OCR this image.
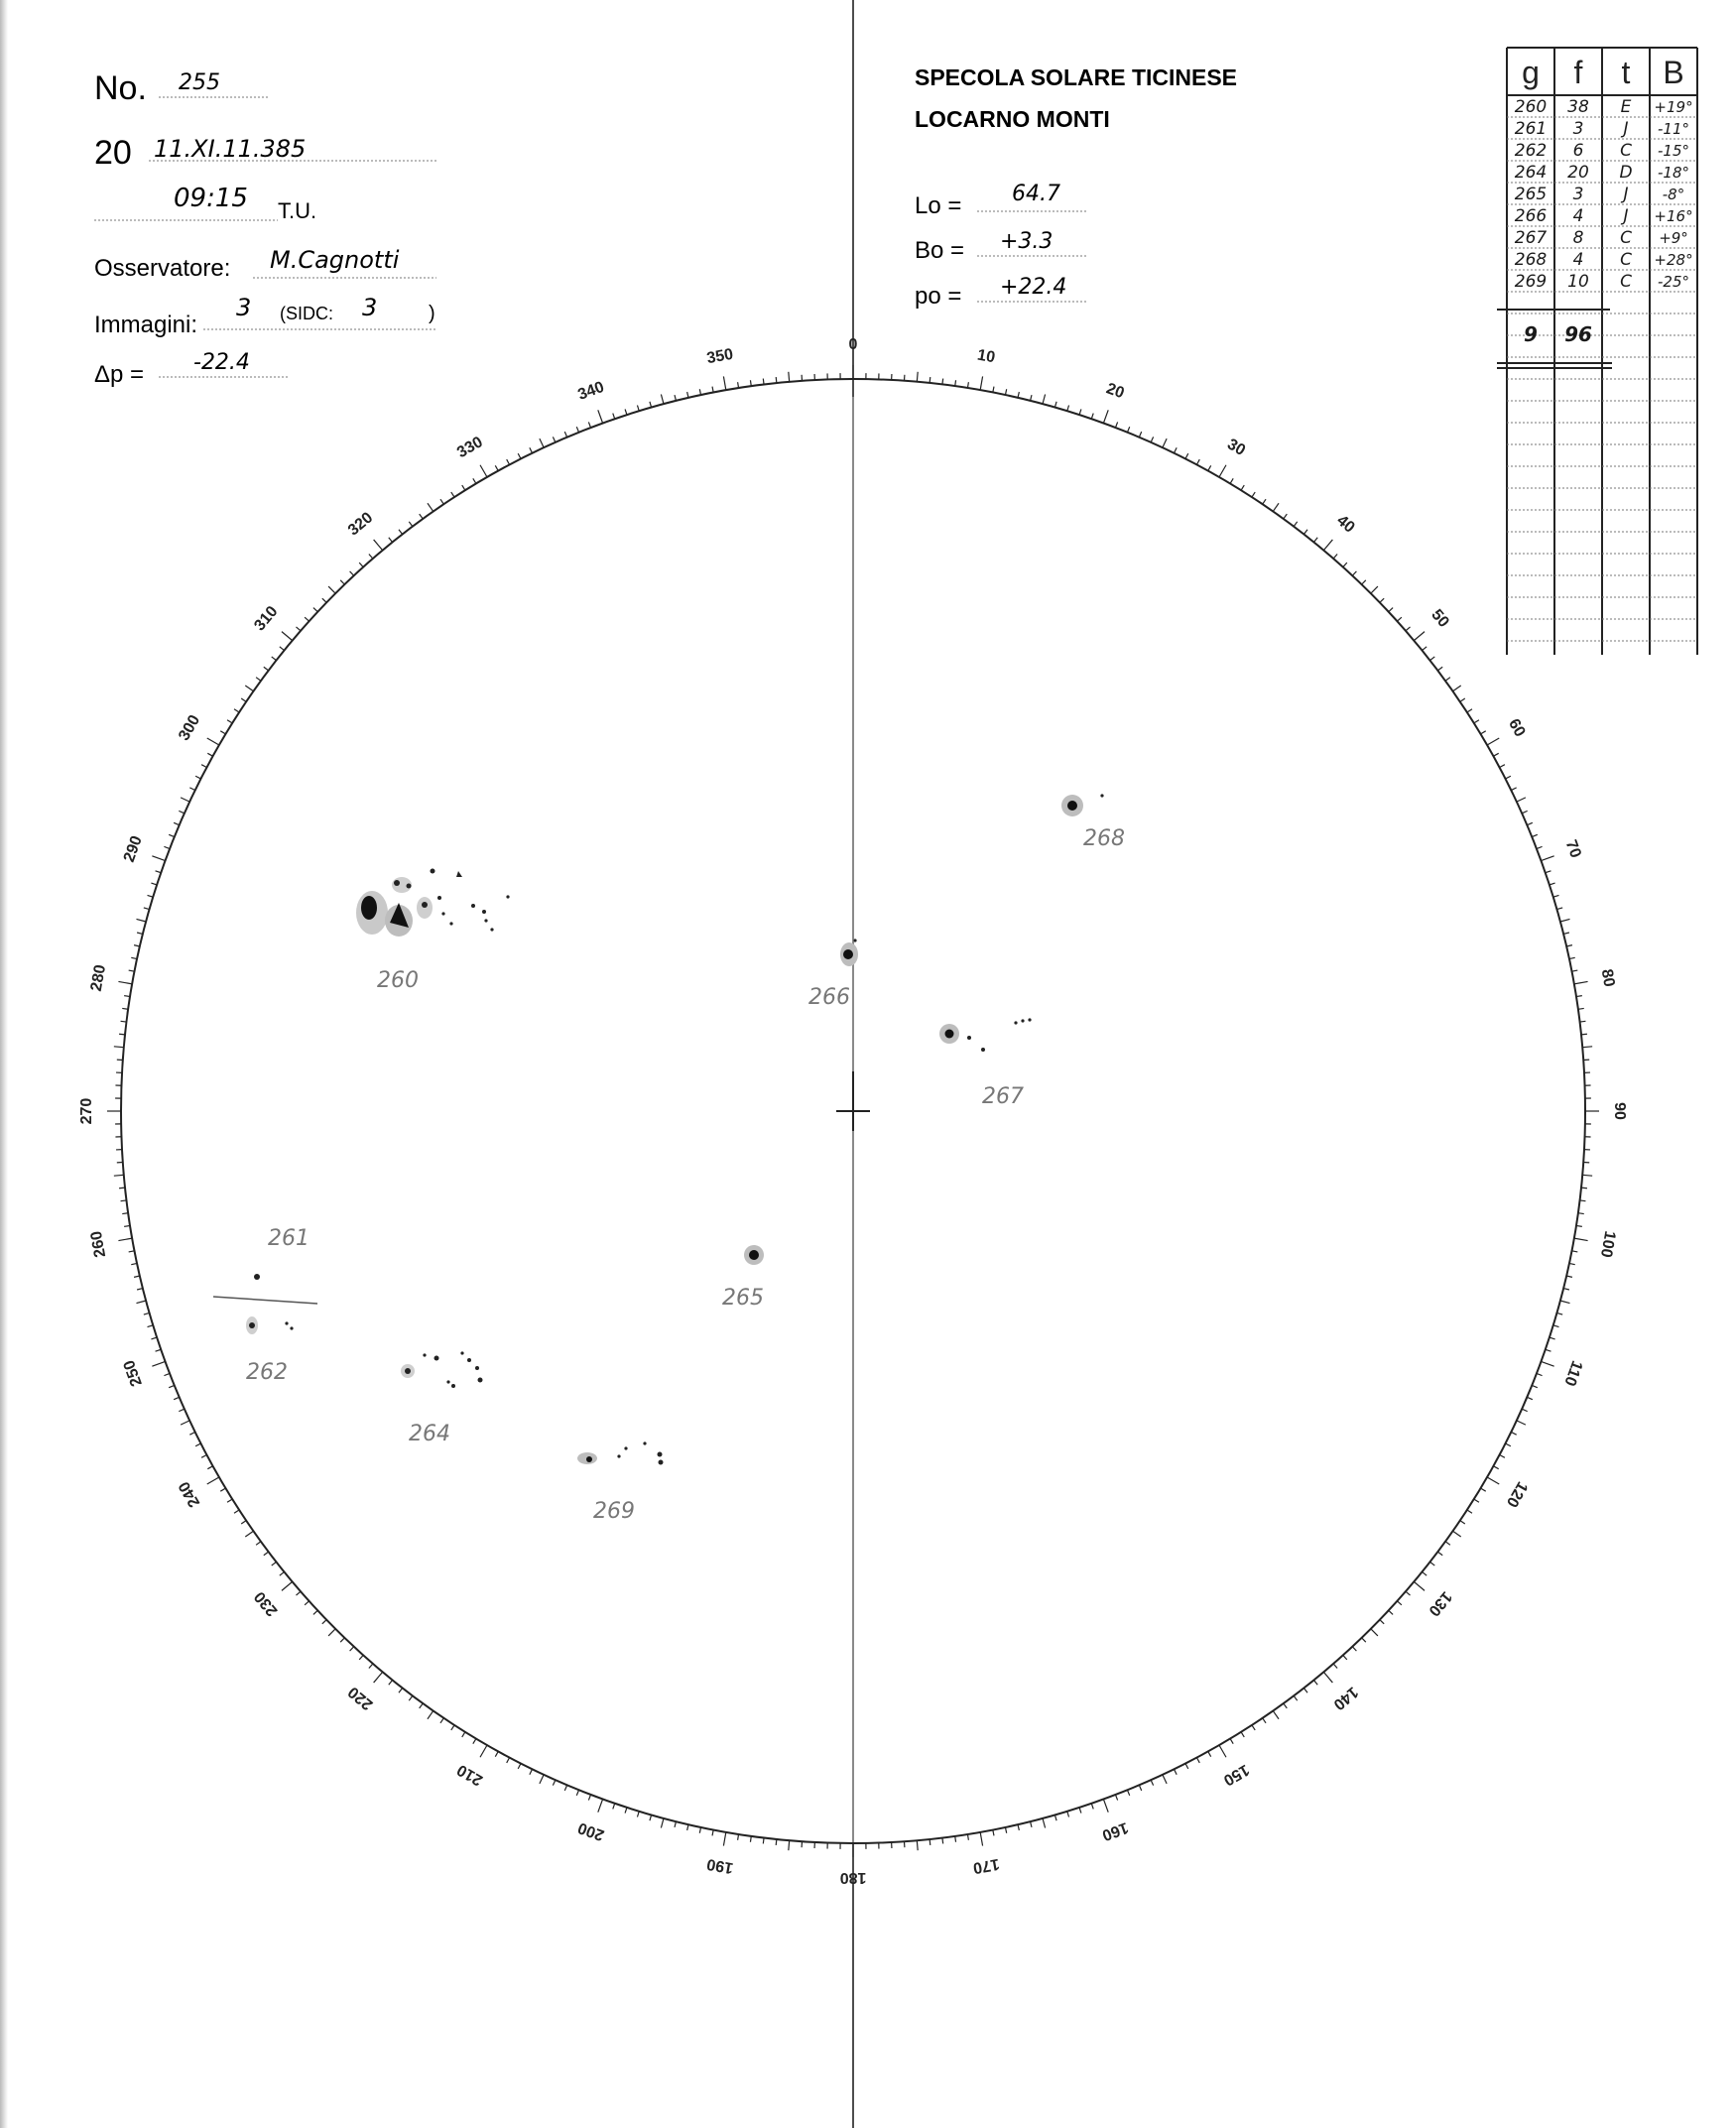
No. 255
20 11.XI.11.385
09:15 T.U.
Osservatore: M.Cagnotti
Immagini:
3 (SIDC: 3	)
Δp = -22.4
SPECOLA SOLARE TICINESE
LOCARNO MONTI
Lo = 64.7
Bo = +3.3
po = +22.4
g f t B
260 38 E +19°
261 3 J -11°
262 6 C -15°
264 20 D -18°
265 3 J -8°
266 4 J +16°
267 8 C +9°
268 4 C +28°
269 10 C -25°
9 96
0
10
20
30
40
50
60
70
80
90
100
110
120
130
140
150
160
170
180
190
200
210
220
230
240
250
260
270
280
290
300
310
320
330
340
350
260
261
262
264
265
266
267
268
269
